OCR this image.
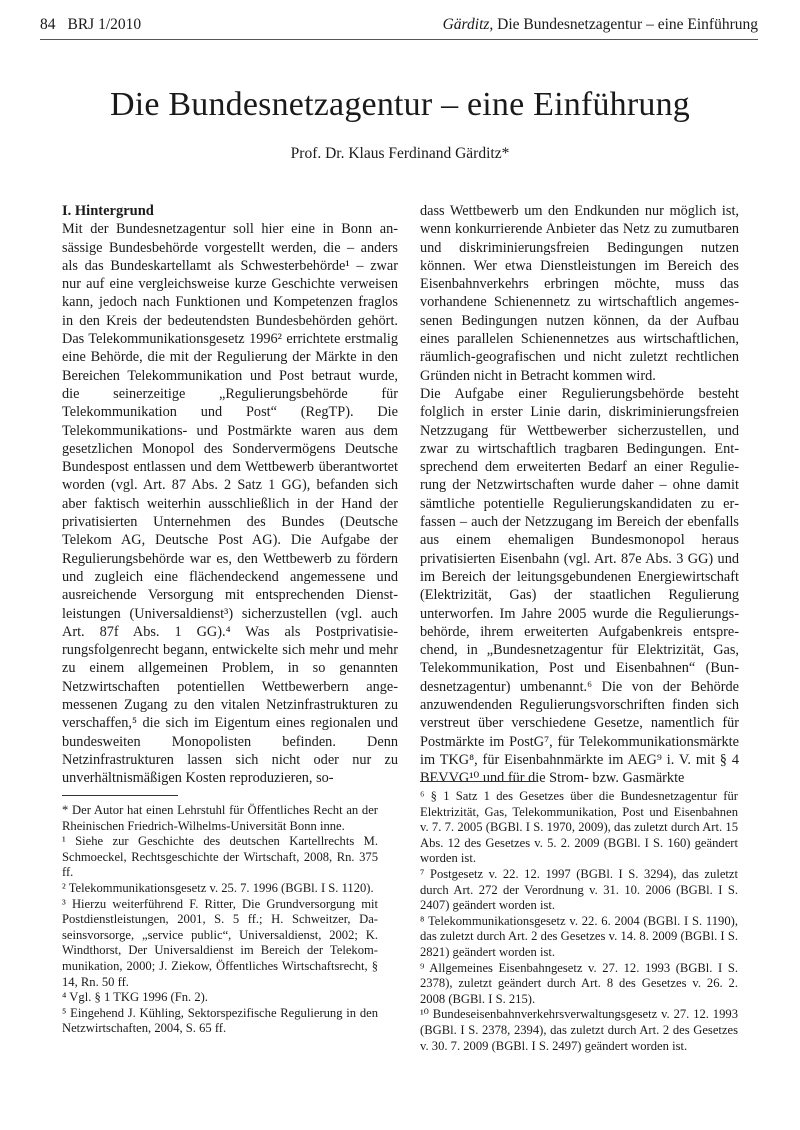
84 BRJ 1/2010	Gärditz, Die Bundesnetzagentur – eine Einführung
Die Bundesnetzagentur – eine Einführung
Prof. Dr. Klaus Ferdinand Gärditz*

I. Hintergrund

Mit der Bundesnetzagentur soll hier eine in Bonn ansässige Bundesbehörde vorgestellt werden, die – anders als das Bundeskartellamt als Schwesterbehörde¹ – zwar nur auf eine vergleichsweise kurze Geschichte verweisen kann, jedoch nach Funktionen und Kompetenzen fraglos in den Kreis der bedeutendsten Bundesbehörden gehört. Das Telekommunikationsgesetz 1996² errichtete erstmalig eine Behörde, die mit der Regulierung der Märkte in den Bereichen Telekommunikation und Post betraut wurde, die seinerzeitige „Regulierungsbehörde für Telekommunikation und Post“ (RegTP). Die Telekommunikations- und Postmärkte waren aus dem gesetzlichen Monopol des Sondervermögens Deutsche Bundespost entlassen und dem Wettbewerb überantwortet worden (vgl. Art. 87 Abs. 2 Satz 1 GG), befanden sich aber faktisch weiterhin ausschließlich in der Hand der privatisierten Unternehmen des Bundes (Deutsche Telekom AG, Deutsche Post AG). Die Aufgabe der Regulierungsbehörde war es, den Wettbewerb zu fördern und zugleich eine flächendeckend angemessene und ausreichende Versorgung mit entsprechenden Dienstleistungen (Universaldienst³) sicherzustellen (vgl. auch Art. 87f Abs. 1 GG).⁴ Was als Postprivatisierungsfolgenrecht begann, entwickelte sich mehr und mehr zu einem allgemeinen Problem, in so genannten Netzwirtschaften potentiellen Wettbewerbern angemessenen Zugang zu den vitalen Netzinfrastrukturen zu verschaffen,⁵ die sich im Eigentum eines regionalen und bundesweiten Monopolisten befinden. Denn Netzinfrastrukturen lassen sich nicht oder nur zu unverhältnismäßigen Kosten reproduzieren, so-

dass Wettbewerb um den Endkunden nur möglich ist, wenn konkurrierende Anbieter das Netz zu zumutbaren und diskriminierungsfreien Bedingungen nutzen können. Wer etwa Dienstleistungen im Bereich des Eisenbahnverkehrs erbringen möchte, muss das vorhandene Schienennetz zu wirtschaftlich angemessenen Bedingungen nutzen können, da der Aufbau eines parallelen Schienennetzes aus wirtschaftlichen, räumlich-geografischen und nicht zuletzt rechtlichen Gründen nicht in Betracht kommen wird.

Die Aufgabe einer Regulierungsbehörde besteht folglich in erster Linie darin, diskriminierungsfreien Netzzugang für Wettbewerber sicherzustellen, und zwar zu wirtschaftlich tragbaren Bedingungen. Entsprechend dem erweiterten Bedarf an einer Regulierung der Netzwirtschaften wurde daher – ohne damit sämtliche potentielle Regulierungskandidaten zu erfassen – auch der Netzzugang im Bereich der ebenfalls aus einem ehemaligen Bundesmonopol heraus privatisierten Eisenbahn (vgl. Art. 87e Abs. 3 GG) und im Bereich der leitungsgebundenen Energiewirtschaft (Elektrizität, Gas) der staatlichen Regulierung unterworfen. Im Jahre 2005 wurde die Regulierungsbehörde, ihrem erweiterten Aufgabenkreis entsprechend, in „Bundesnetzagentur für Elektrizität, Gas, Telekommunikation, Post und Eisenbahnen“ (Bundesnetzagentur) umbenannt.⁶ Die von der Behörde anzuwendenden Regulierungsvorschriften finden sich verstreut über verschiedene Gesetze, namentlich für Postmärkte im PostG⁷, für Telekommunikationsmärkte im TKG⁸, für Eisenbahnmärkte im AEG⁹ i. V. mit § 4 BEVVG¹⁰ und für die Strom- bzw. Gasmärkte

* Der Autor hat einen Lehrstuhl für Öffentliches Recht an der Rheinischen Friedrich-Wilhelms-Universität Bonn inne.

¹ Siehe zur Geschichte des deutschen Kartellrechts M. Schmoeckel, Rechtsgeschichte der Wirtschaft, 2008, Rn. 375 ff.

² Telekommunikationsgesetz v. 25. 7. 1996 (BGBl. I S. 1120).

³ Hierzu weiterführend F. Ritter, Die Grundversorgung mit Postdienstleistungen, 2001, S. 5 ff.; H. Schweitzer, Daseinsvorsorge, „service public“, Universaldienst, 2002; K. Windthorst, Der Universaldienst im Bereich der Telekommunikation, 2000; J. Ziekow, Öffentliches Wirtschaftsrecht, § 14, Rn. 50 ff.

⁴ Vgl. § 1 TKG 1996 (Fn. 2).

⁵ Eingehend J. Kühling, Sektorspezifische Regulierung in den Netzwirtschaften, 2004, S. 65 ff.

⁶ § 1 Satz 1 des Gesetzes über die Bundesnetzagentur für Elektrizität, Gas, Telekommunikation, Post und Eisenbahnen v. 7. 7. 2005 (BGBl. I S. 1970, 2009), das zuletzt durch Art. 15 Abs. 12 des Gesetzes v. 5. 2. 2009 (BGBl. I S. 160) geändert worden ist.

⁷ Postgesetz v. 22. 12. 1997 (BGBl. I S. 3294), das zuletzt durch Art. 272 der Verordnung v. 31. 10. 2006 (BGBl. I S. 2407) geändert worden ist.

⁸ Telekommunikationsgesetz v. 22. 6. 2004 (BGBl. I S. 1190), das zuletzt durch Art. 2 des Gesetzes v. 14. 8. 2009 (BGBl. I S. 2821) geändert worden ist.

⁹ Allgemeines Eisenbahngesetz v. 27. 12. 1993 (BGBl. I S. 2378), zuletzt geändert durch Art. 8 des Gesetzes v. 26. 2. 2008 (BGBl. I S. 215).

¹⁰ Bundeseisenbahnverkehrsverwaltungsgesetz v. 27. 12. 1993 (BGBl. I S. 2378, 2394), das zuletzt durch Art. 2 des Gesetzes v. 30. 7. 2009 (BGBl. I S. 2497) geändert worden ist.
